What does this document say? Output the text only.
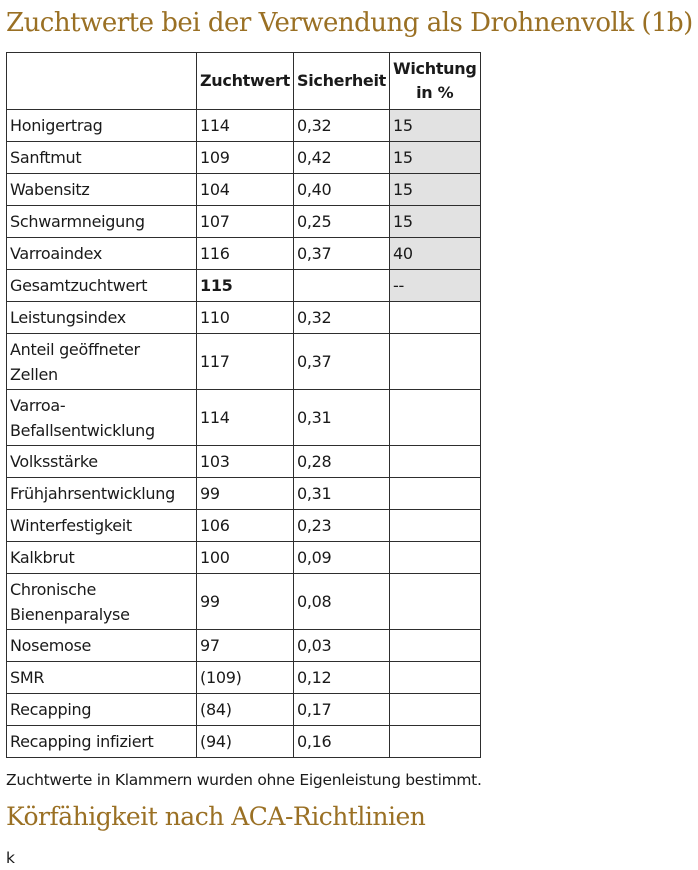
Zuchtwerte bei der Verwendung als Drohnenvolk (1b)
	Zuchtwert	Sicherheit	Wichtung
in %

Honigertrag	114	0,32	15
Sanftmut	109	0,42	15
Wabensitz	104	0,40	15
Schwarmneigung	107	0,25	15
Varroaindex	116	0,37	40
Gesamtzuchtwert	115		--
Leistungsindex	110	0,32	

Anteil geöffneter
Zellen	117	0,37	

Varroa-
Befallsentwicklung	114	0,31	
Volksstärke	103	0,28	
Frühjahrsentwicklung	99	0,31	
Winterfestigkeit	106	0,23	
Kalkbrut	100	0,09	

Chronische
Bienenparalyse	99	0,08	
Nosemose	97	0,03	
SMR	(109)	0,12	
Recapping	(84)	0,17	
Recapping infiziert	(94)	0,16	
Zuchtwerte in Klammern wurden ohne Eigenleistung bestimmt.
Körfähigkeit nach ACA-Richtlinien
k
